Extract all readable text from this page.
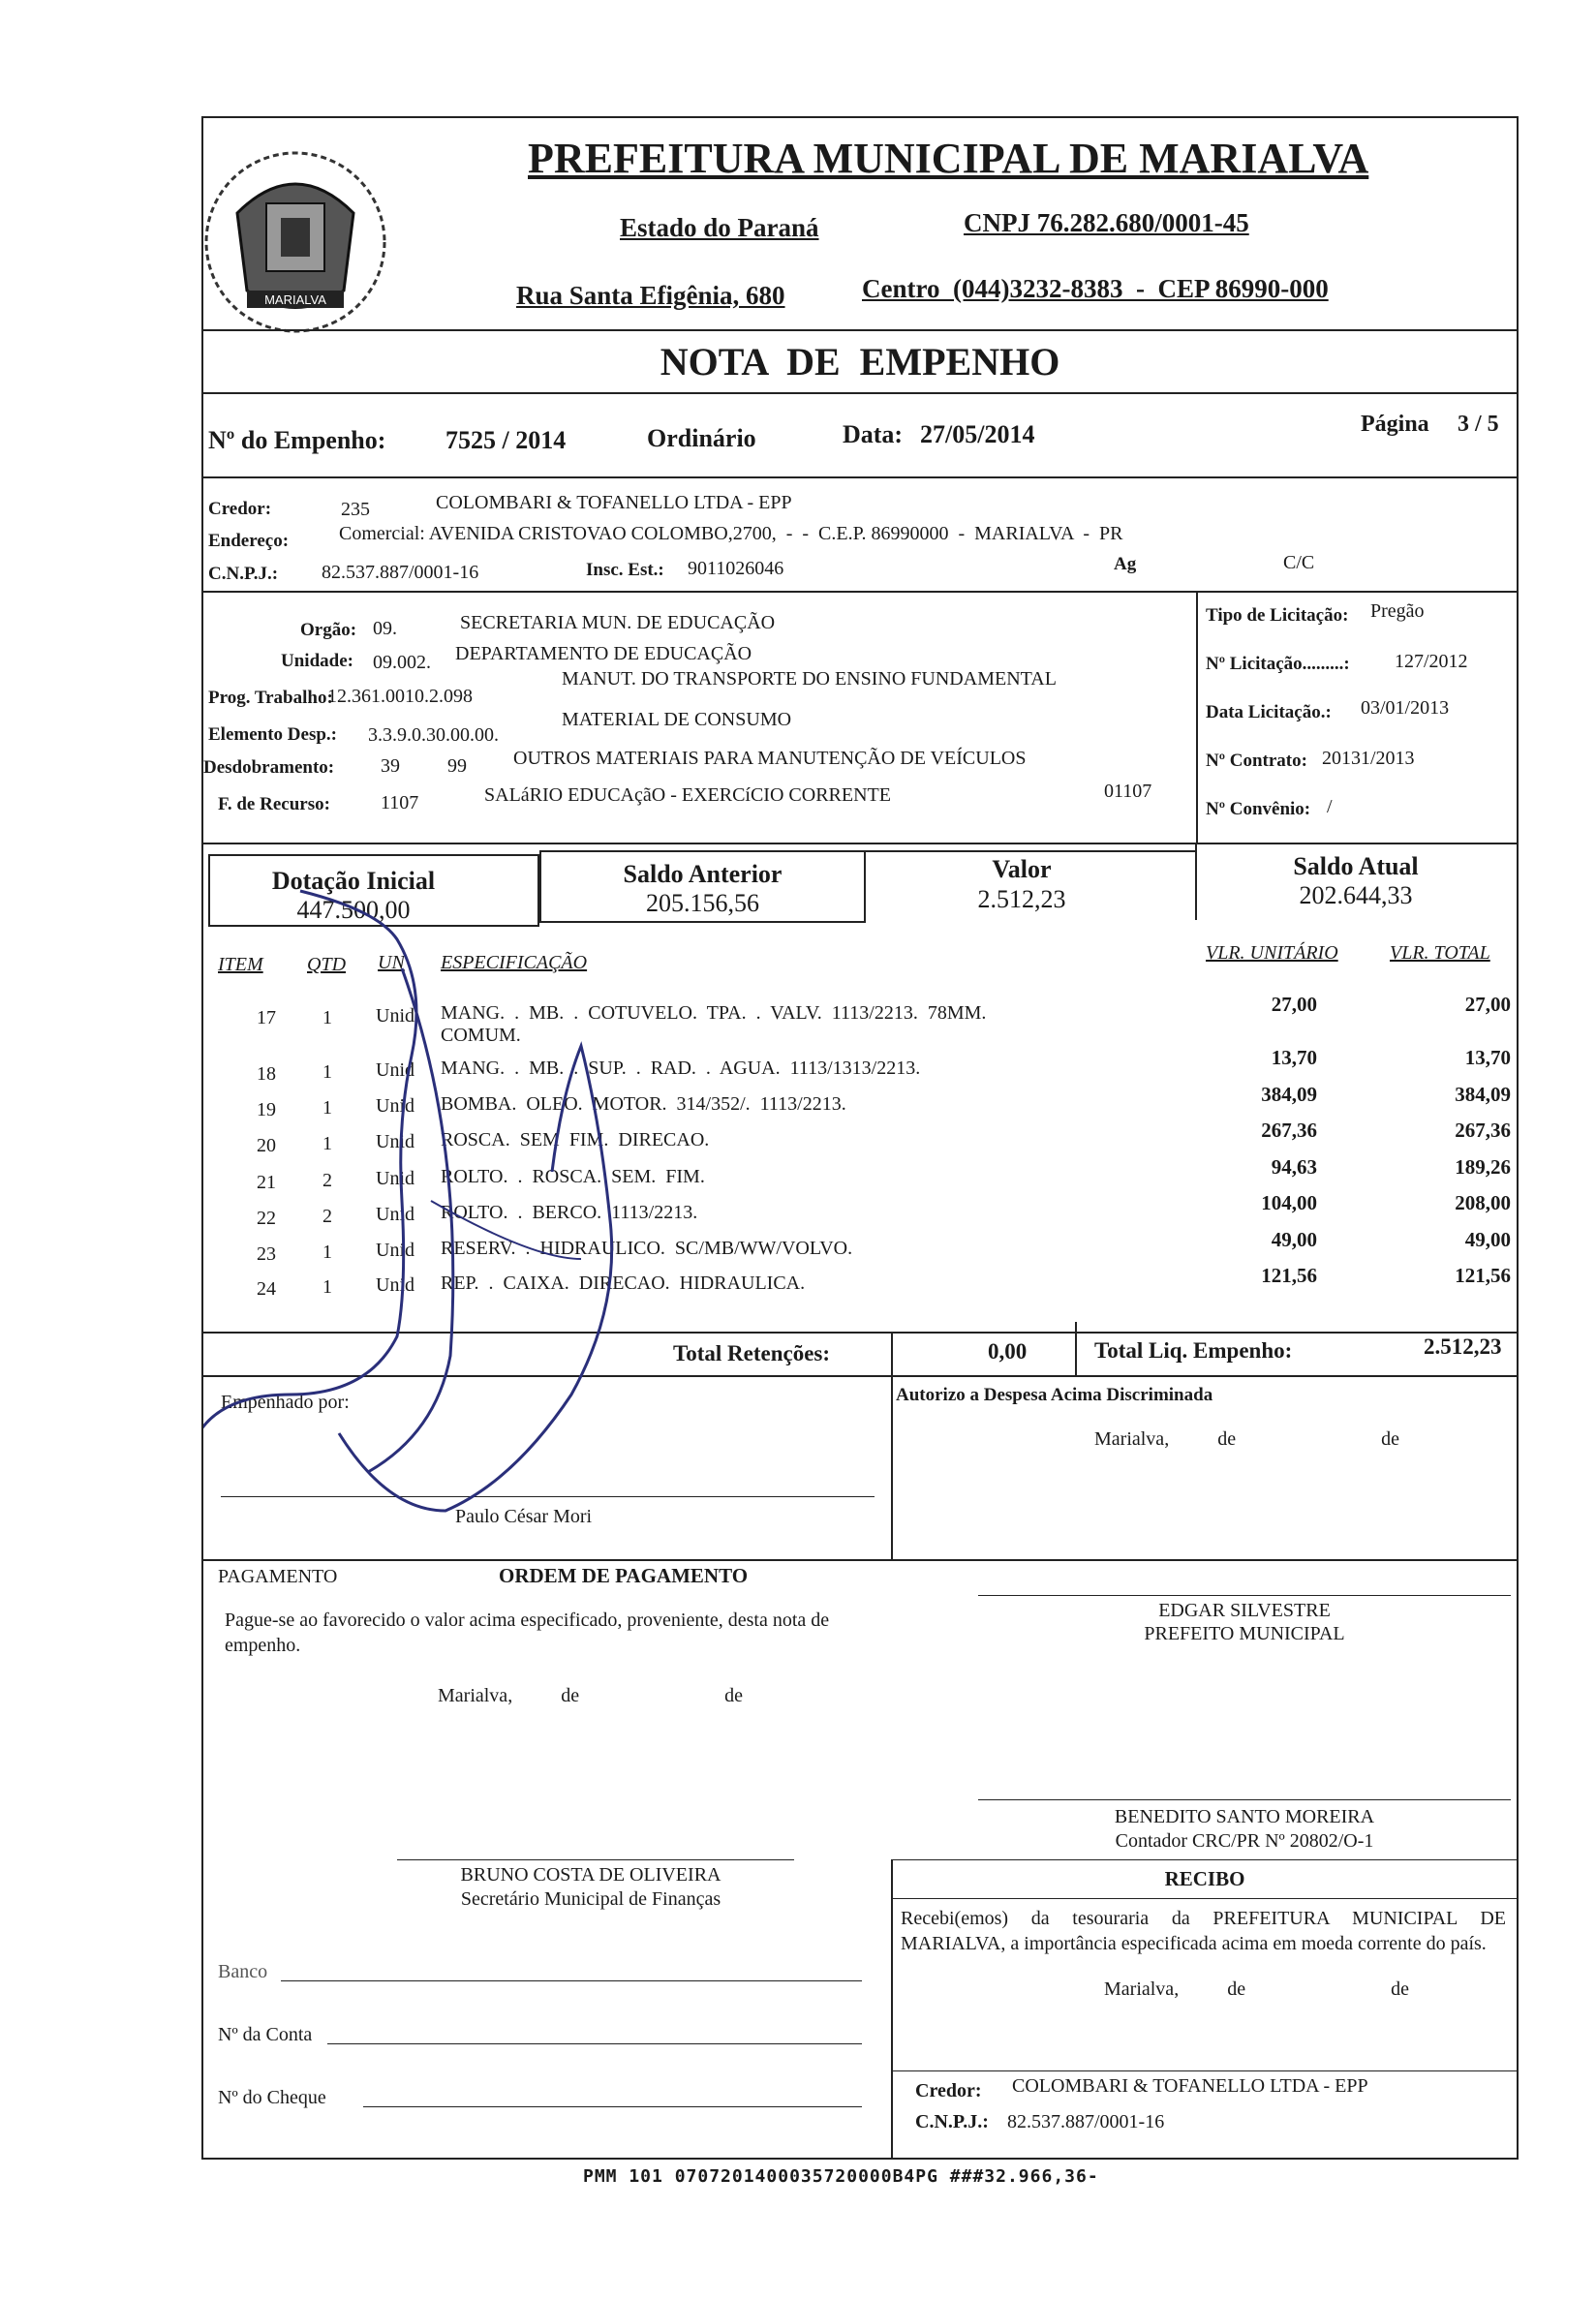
MARIALVA
PREFEITURA MUNICIPAL DE MARIALVA
Estado do Paraná	CNPJ 76.282.680/0001-45
Rua Santa Efigênia, 680	Centro  (044)3232-8383  -  CEP 86990-000
NOTA  DE  EMPENHO
Nº do Empenho: 7525 / 2014	Ordinário	Data: 27/05/2014	Página 3 / 5
Credor:	235	COLOMBARI & TOFANELLO LTDA - EPP
Endereço:	Comercial: AVENIDA CRISTOVAO COLOMBO,2700,  -  -  C.E.P. 86990000  -  MARIALVA  -  PR
C.N.P.J.: 82.537.887/0001-16	Insc. Est.: 9011026046	Ag	C/C
Orgão: 09.	SECRETARIA MUN. DE EDUCAÇÃO
Unidade: 09.002. DEPARTAMENTO DE EDUCAÇÃO
Prog. Trabalho:
12.361.0010.2.098
MANUT. DO TRANSPORTE DO ENSINO FUNDAMENTAL
Elemento Desp.: 3.3.9.0.30.00.00.
MATERIAL DE CONSUMO
Desdobramento: 39 99 OUTROS MATERIAIS PARA MANUTENÇÃO DE VEÍCULOS
F. de Recurso:	1107	SALáRIO EDUCAçãO - EXERCíCIO CORRENTE	01107
Tipo de Licitação: Pregão
Nº Licitação.........: 127/2012
Data Licitação.: 03/01/2013
Nº Contrato: 20131/2013
Nº Convênio: /
Dotação Inicial
447.500,00
Saldo Anterior
205.156,56
Valor
2.512,23
Saldo Atual
202.644,33
ITEM QTD UN ESPECIFICAÇÃO	VLR. UNITÁRIO	VLR. TOTAL
17 1 Unid MANG.  .  MB.  .  COTUVELO.  TPA.  .  VALV.  1113/2213.  78MM.
COMUM.
27,00	27,00
18 1 Unid MANG.  .  MB.  .  SUP.  .  RAD.  .  AGUA.  1113/1313/2213.	13,70	13,70
19 1 Unid BOMBA.  OLEO.  MOTOR.  314/352/.  1113/2213.	384,09	384,09
20 1 Unid ROSCA.  SEM  FIM.  DIRECAO.	267,36	267,36
21 2 Unid ROLTO.  .  ROSCA.  SEM.  FIM.	94,63	189,26
22 2 Unid ROLTO.  .  BERCO.  1113/2213.	104,00	208,00
23 1 Unid RESERV.  .  HIDRAULICO.  SC/MB/WW/VOLVO.	49,00	49,00
24 1 Unid REP.  .  CAIXA.  DIRECAO.  HIDRAULICA.	121,56	121,56
Total Retenções:	0,00	Total Liq. Empenho:	2.512,23
Empenhado por:
Paulo César Mori
Autorizo a Despesa Acima Discriminada
Marialva,          de                              de
PAGAMENTO	ORDEM DE PAGAMENTO
Pague-se ao favorecido o valor acima especificado, proveniente, desta nota de empenho.
Marialva,          de                              de
EDGAR SILVESTRE
PREFEITO MUNICIPAL
BENEDITO SANTO MOREIRA
Contador CRC/PR Nº 20802/O-1
RECIBO
Recebi(emos) da tesouraria da PREFEITURA MUNICIPAL DE MARIALVA, a importância especificada acima em moeda corrente do país.
Marialva,          de                              de
Credor: COLOMBARI & TOFANELLO LTDA - EPP
C.N.P.J.: 82.537.887/0001-16
BRUNO COSTA DE OLIVEIRA
Secretário Municipal de Finanças
Banco
Nº da Conta
Nº do Cheque
PMM 101 0707201400035720000B4PG ###32.966,36-
